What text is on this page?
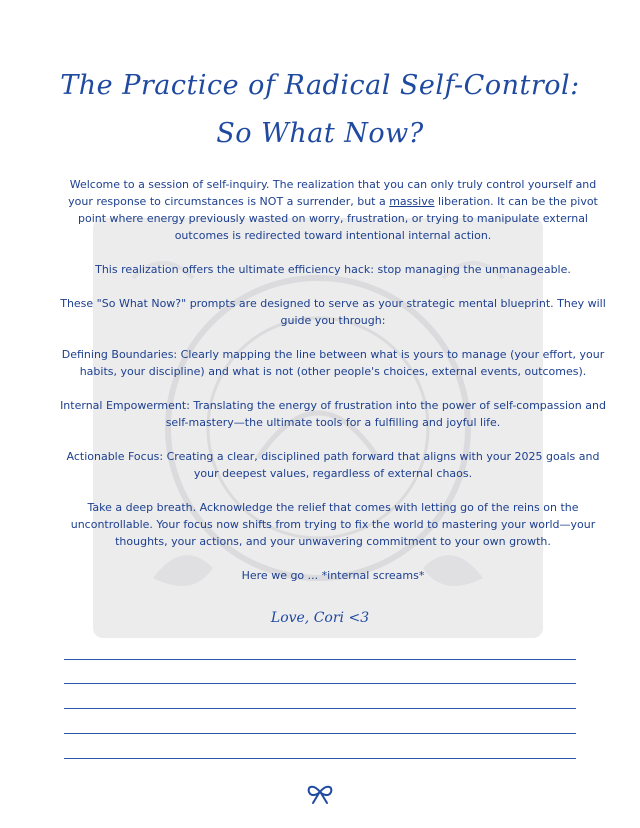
The Practice of Radical Self-Control:
So What Now?

Welcome to a session of self-inquiry. The realization that you can only truly control yourself and your response to circumstances is NOT a surrender, but a massive liberation. It can be the pivot point where energy previously wasted on worry, frustration, or trying to manipulate external outcomes is redirected toward intentional internal action.

This realization offers the ultimate efficiency hack: stop managing the unmanageable.

These "So What Now?" prompts are designed to serve as your strategic mental blueprint. They will guide you through:

Defining Boundaries: Clearly mapping the line between what is yours to manage (your effort, your habits, your discipline) and what is not (other people's choices, external events, outcomes).

Internal Empowerment: Translating the energy of frustration into the power of self-compassion and self-mastery—the ultimate tools for a fulfilling and joyful life.

Actionable Focus: Creating a clear, disciplined path forward that aligns with your 2025 goals and your deepest values, regardless of external chaos.

Take a deep breath. Acknowledge the relief that comes with letting go of the reins on the uncontrollable. Your focus now shifts from trying to fix the world to mastering your world—your thoughts, your actions, and your unwavering commitment to your own growth.

Here we go ... *internal screams*

Love, Cori <3
